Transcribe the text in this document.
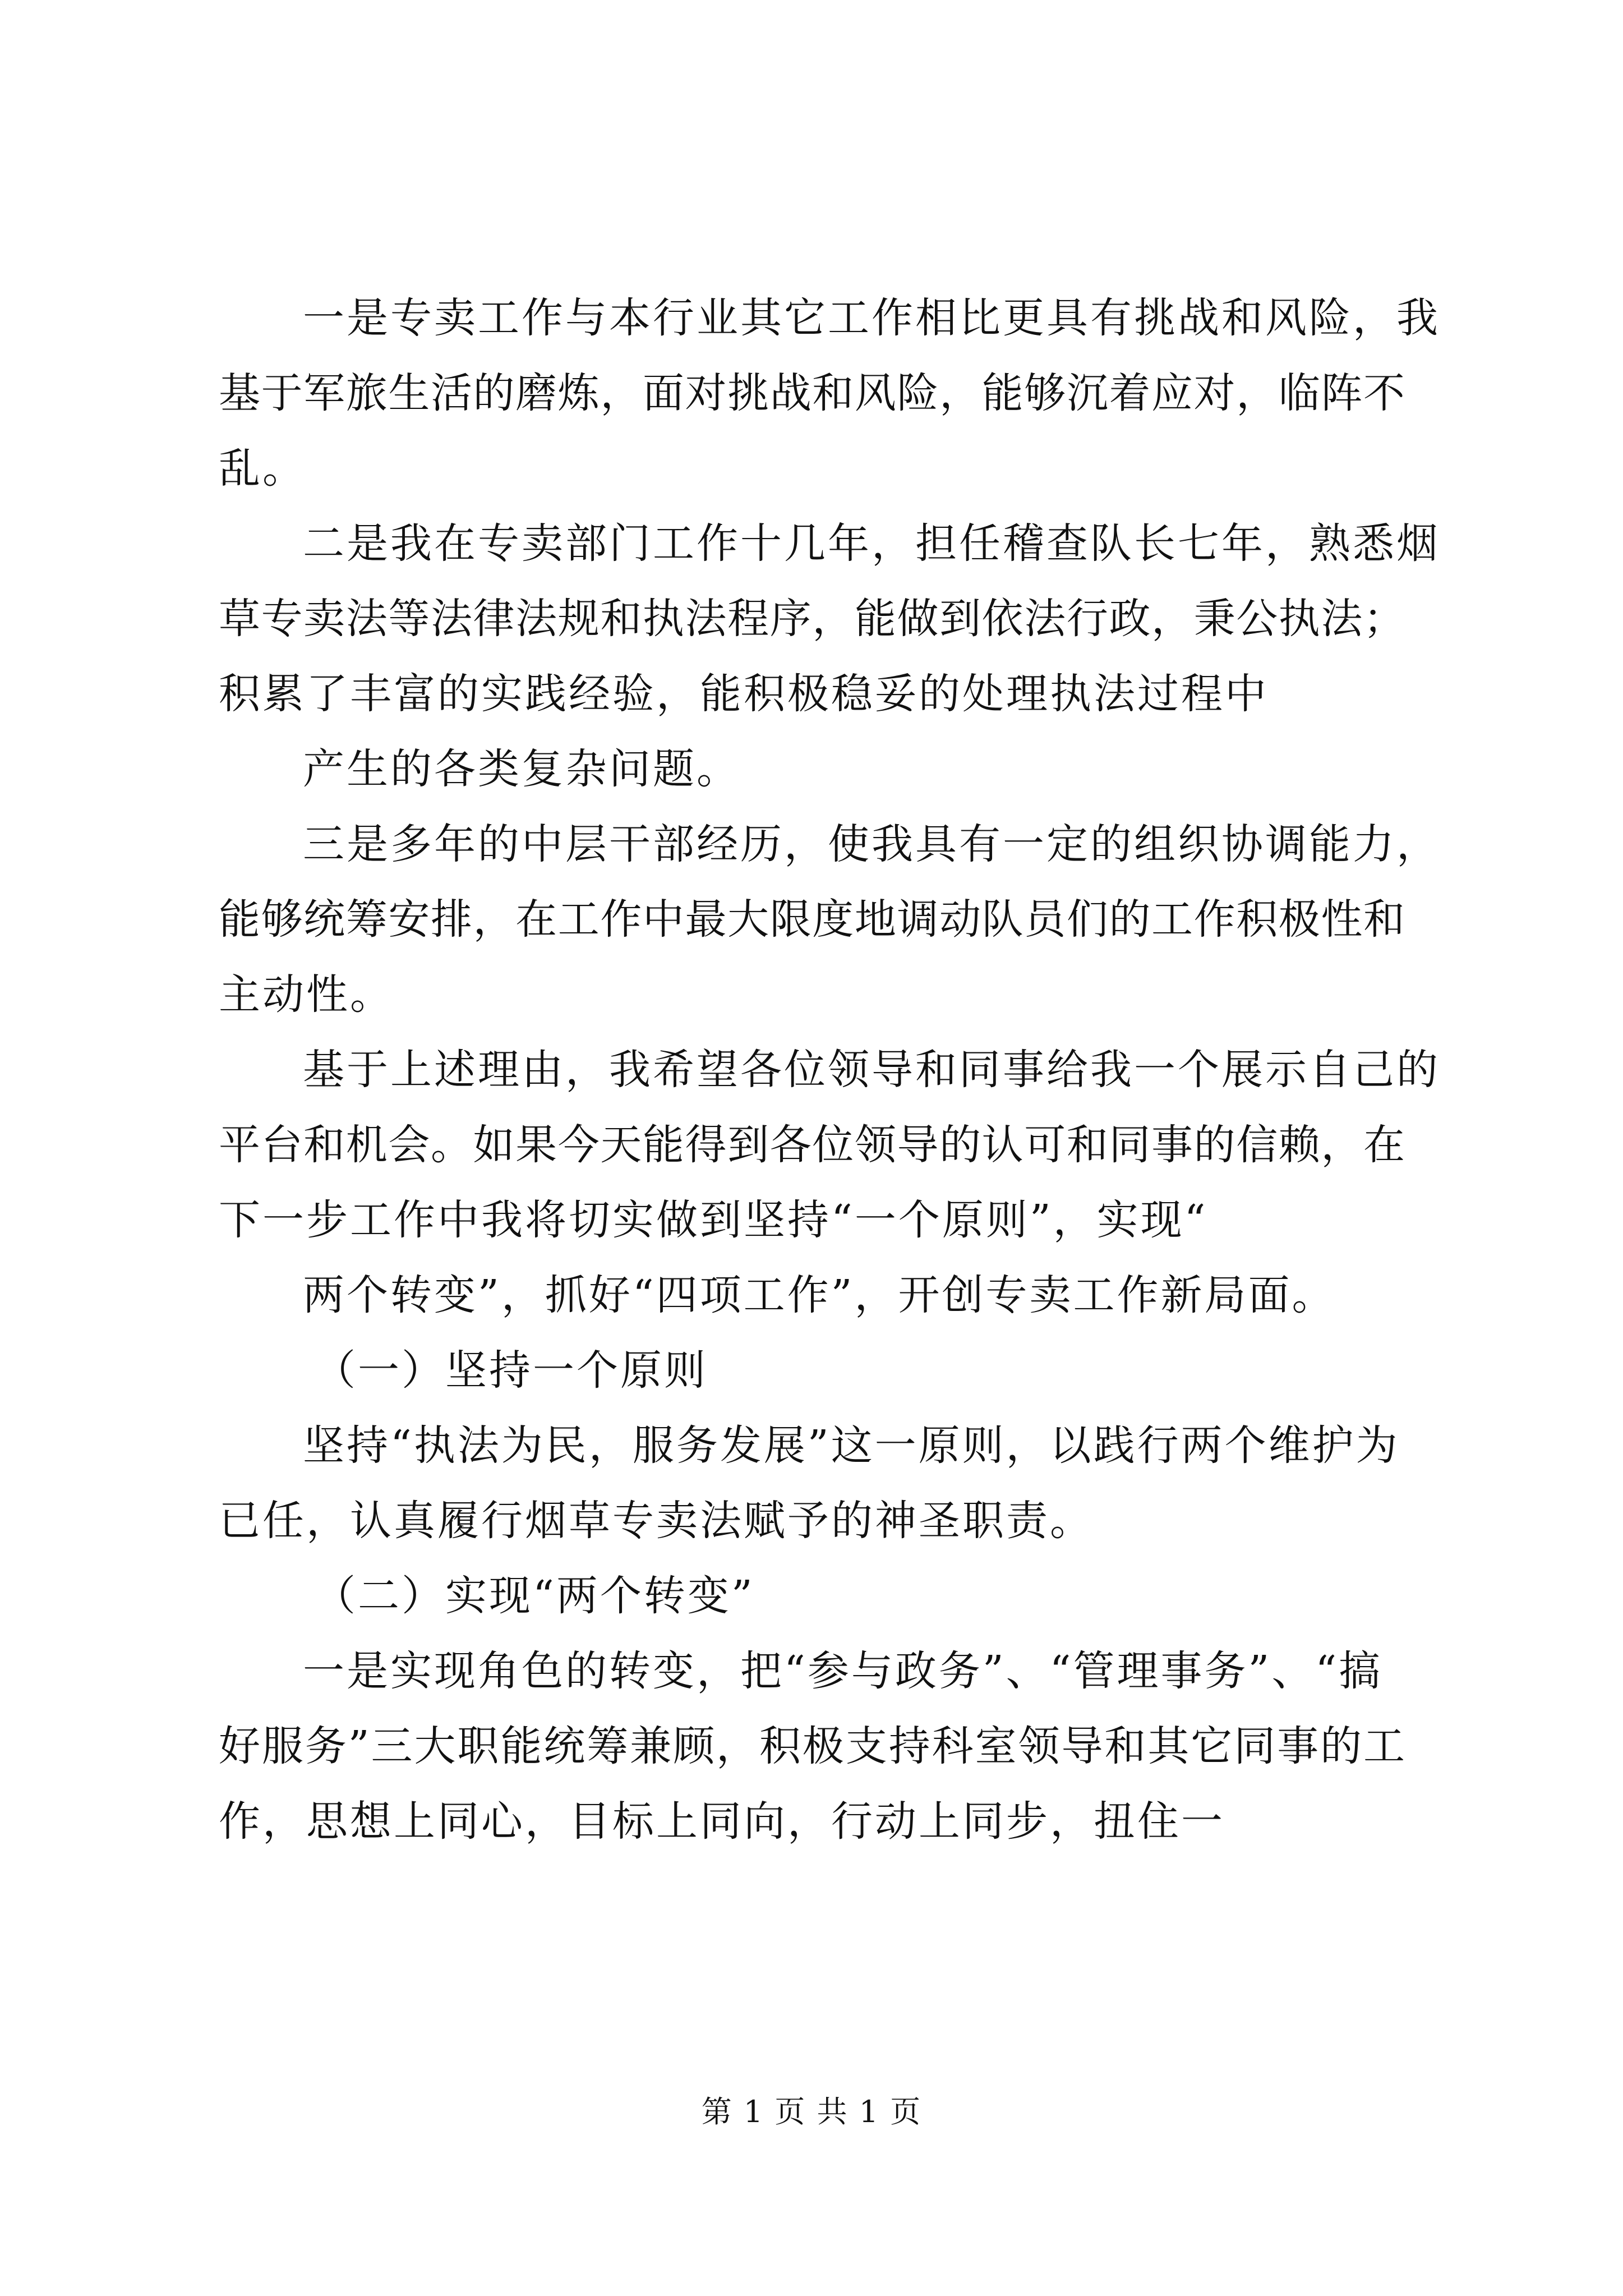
一是专卖工作与本行业其它工作相比更具有挑战和风险，我
基于军旅生活的磨炼，面对挑战和风险，能够沉着应对，临阵不
乱。
二是我在专卖部门工作十几年，担任稽查队长七年，熟悉烟
草专卖法等法律法规和执法程序，能做到依法行政，秉公执法；
积累了丰富的实践经验，能积极稳妥的处理执法过程中
产生的各类复杂问题。
三是多年的中层干部经历，使我具有一定的组织协调能力，
能够统筹安排，在工作中最大限度地调动队员们的工作积极性和
主动性。
基于上述理由，我希望各位领导和同事给我一个展示自己的
平台和机会。如果今天能得到各位领导的认可和同事的信赖，在
下一步工作中我将切实做到坚持“一个原则”，实现“
两个转变”，抓好“四项工作”，开创专卖工作新局面。
（一）坚持一个原则
坚持“执法为民，服务发展”这一原则，以践行两个维护为
已任，认真履行烟草专卖法赋予的神圣职责。
（二）实现“两个转变”
一是实现角色的转变，把“参与政务”、“管理事务”、“搞
好服务”三大职能统筹兼顾，积极支持科室领导和其它同事的工
作，思想上同心，目标上同向，行动上同步，扭住一
第 1 页 共 1 页
